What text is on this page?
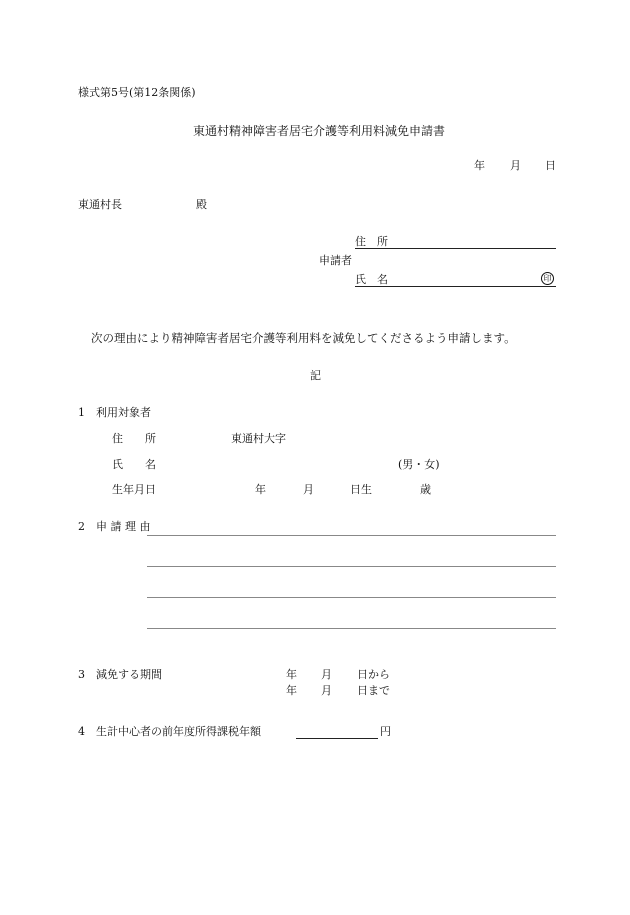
様式第5号(第12条関係)
東通村精神障害者居宅介護等利用料減免申請書
年 月 日
東通村長	殿
住　所
申請者
氏　名	印
次の理由により精神障害者居宅介護等利用料を減免してくださるよう申請します。
記
1 利用対象者
住　　所	東通村大字
氏　　名	(男・女)
生年月日	年	月	日生	歳
2 申 請 理 由
3 減免する期間	年 月 日から
年 月 日まで
4 生計中心者の前年度所得課税年額	円
